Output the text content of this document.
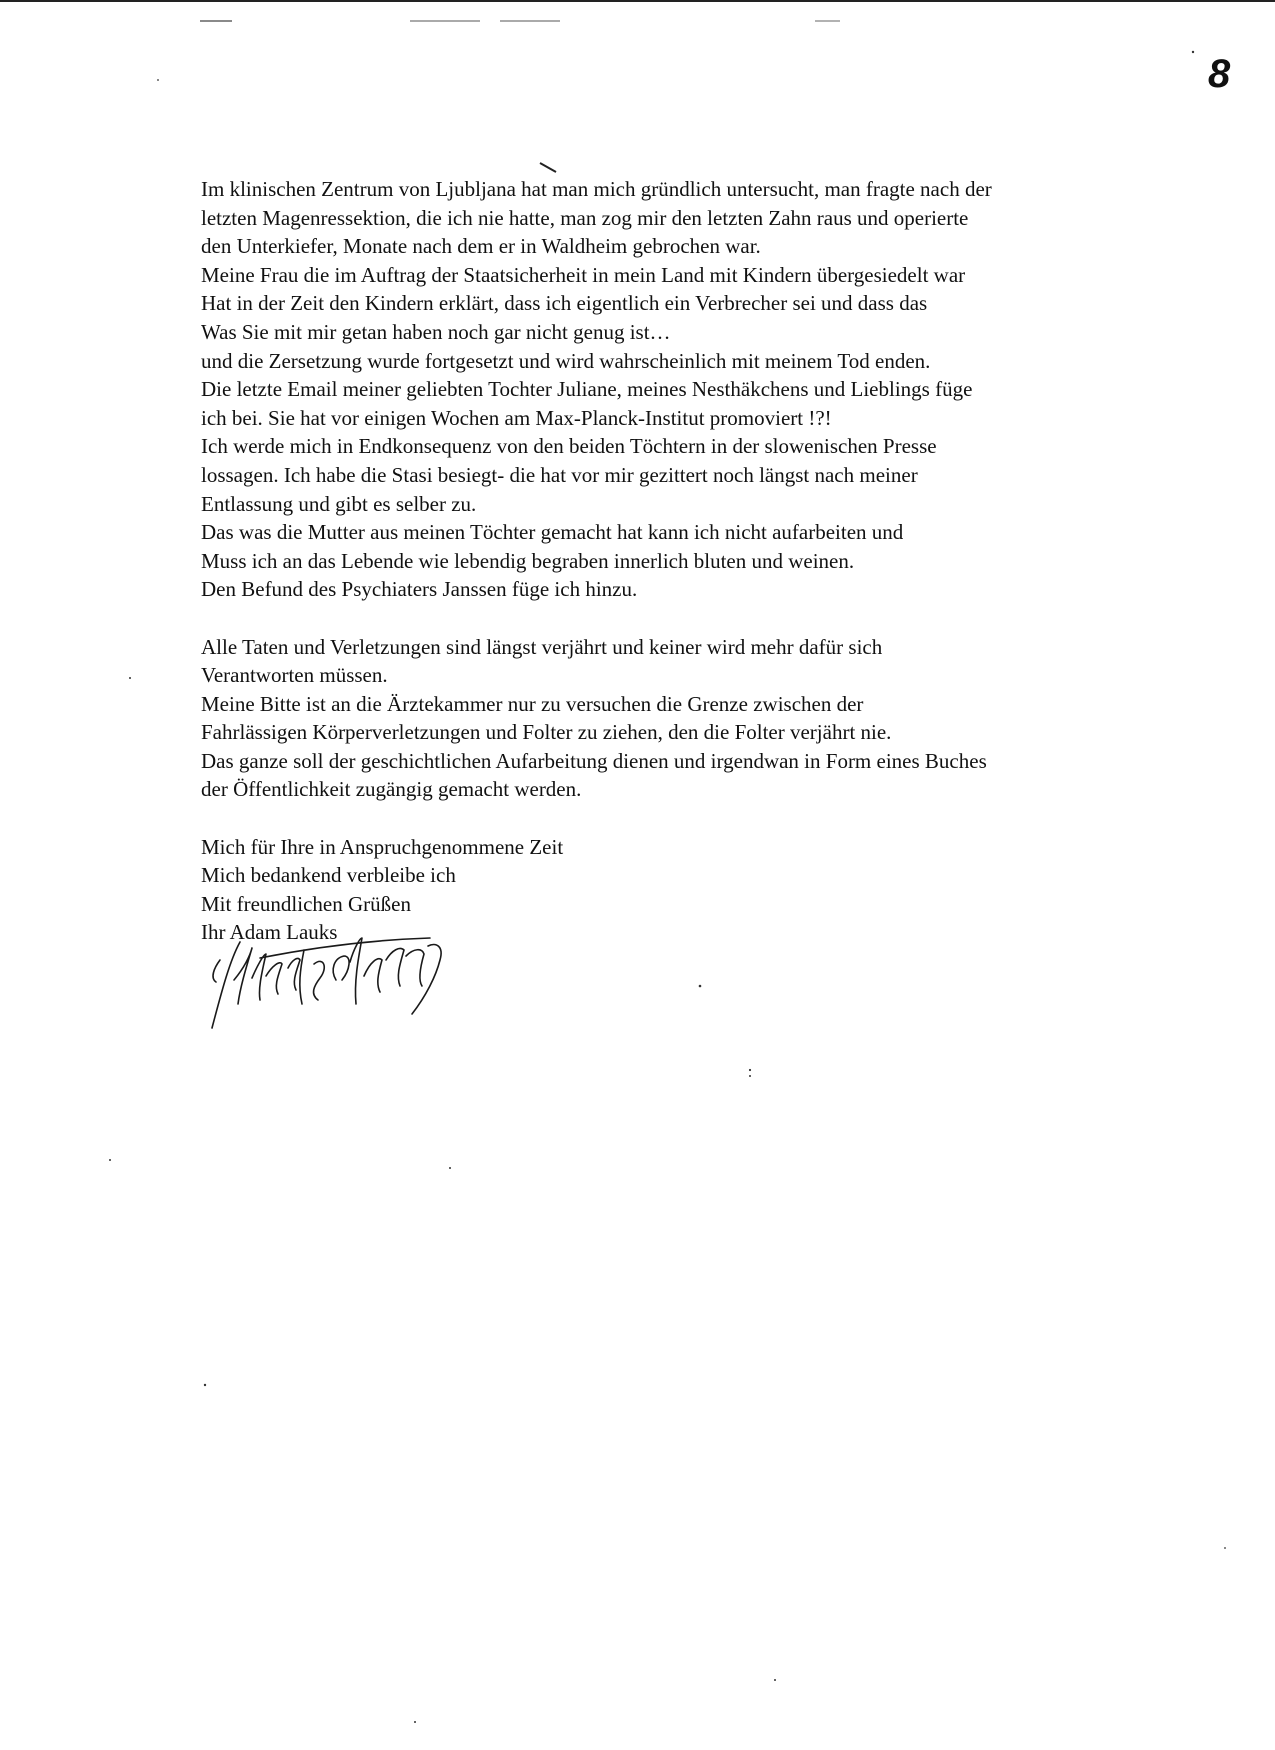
8
Im klinischen Zentrum von Ljubljana hat man mich gründlich untersucht, man fragte nach der
letzten Magenressektion, die ich nie hatte, man zog mir den letzten Zahn raus und operierte
den Unterkiefer, Monate nach dem er in Waldheim gebrochen war.
Meine Frau die im Auftrag der Staatsicherheit in mein Land mit Kindern übergesiedelt war
Hat in der Zeit den Kindern erklärt, dass ich eigentlich ein Verbrecher sei und dass das
Was Sie mit mir getan haben noch gar nicht genug ist…
und die Zersetzung wurde fortgesetzt und wird wahrscheinlich mit meinem Tod enden.
Die letzte Email meiner geliebten Tochter Juliane, meines Nesthäkchens und Lieblings füge
ich bei. Sie hat vor einigen Wochen am Max-Planck-Institut promoviert !?!
Ich werde mich in Endkonsequenz von den beiden Töchtern in der slowenischen Presse
lossagen. Ich habe die Stasi besiegt- die hat vor mir gezittert noch längst nach meiner
Entlassung und gibt es selber zu.
Das was die Mutter aus meinen Töchter gemacht hat kann ich nicht aufarbeiten und
Muss ich an das Lebende wie lebendig begraben innerlich bluten und weinen.
Den Befund des Psychiaters Janssen füge ich hinzu.
Alle Taten und Verletzungen sind längst verjährt und keiner wird mehr dafür sich
Verantworten müssen.
Meine Bitte ist an die Ärztekammer nur zu versuchen die Grenze zwischen der
Fahrlässigen Körperverletzungen und Folter zu ziehen, den die Folter verjährt nie.
Das ganze soll der geschichtlichen Aufarbeitung dienen und irgendwan in Form eines Buches
der Öffentlichkeit zugängig gemacht werden.
Mich für Ihre in Anspruchgenommene Zeit
Mich bedankend verbleibe ich
Mit freundlichen Grüßen
Ihr Adam Lauks
